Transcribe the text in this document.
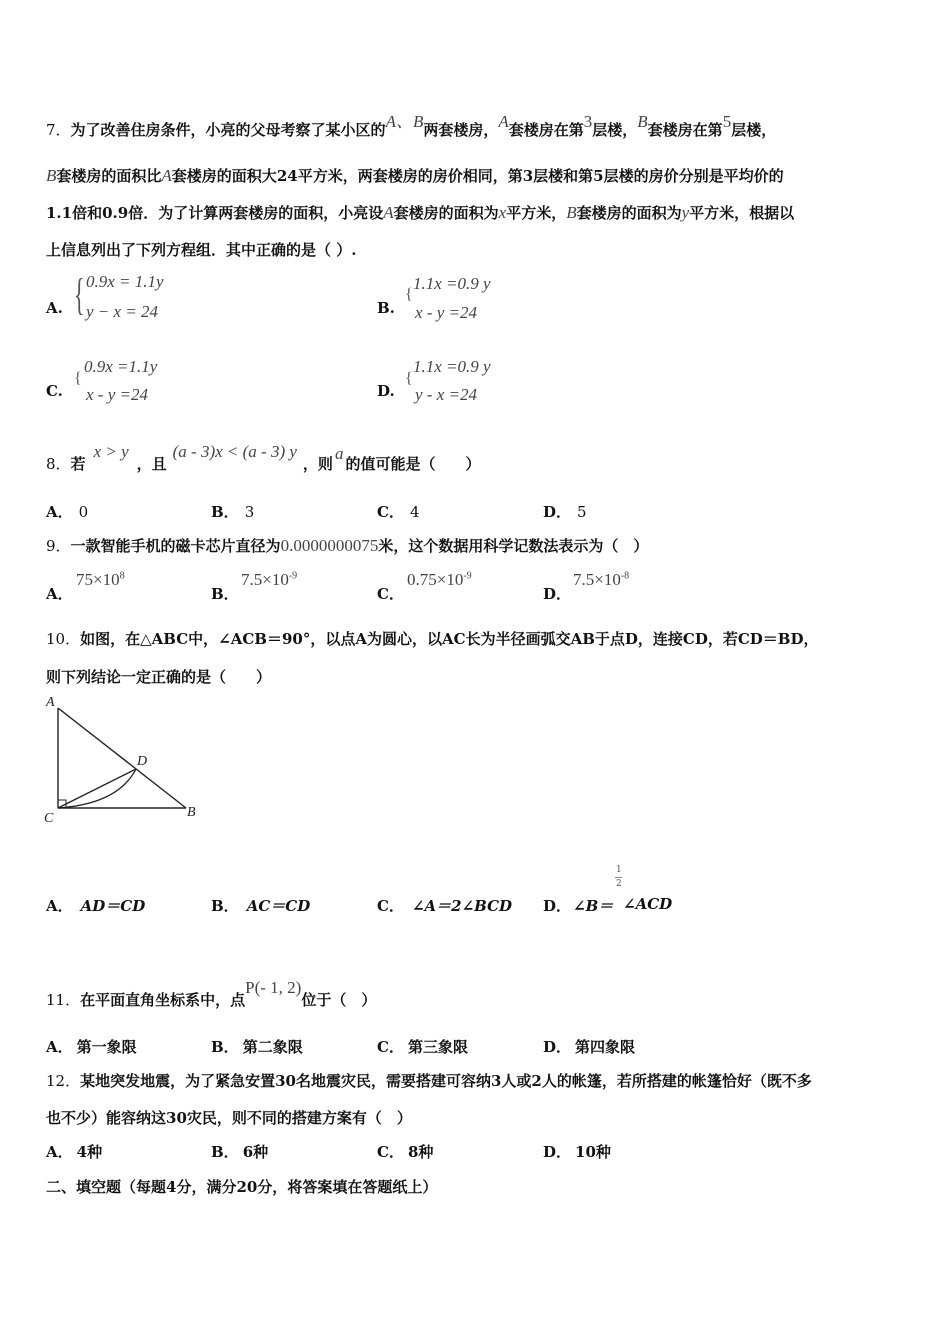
7．为了改善住房条件，小亮的父母考察了某小区的A、B两套楼房，A套楼房在第3层楼，B套楼房在第5层楼，
B套楼房的面积比A套楼房的面积大24平方米，两套楼房的房价相同，第3层楼和第5层楼的房价分别是平均价的
1.1倍和0.9倍．为了计算两套楼房的面积，小亮设A套楼房的面积为x平方米，B套楼房的面积为y平方米，根据以
上信息列出了下列方程组．其中正确的是（ ）.
A. { 0.9x = 1.1y
y − x = 24	B.
{
1.1x =0.9 y
x - y =24
C.
{
0.9x =1.1y
x - y =24	D.
{
1.1x =0.9 y
y - x =24
8．若x > y，且(a - 3)x < (a - 3) y，则a的值可能是（　　）
A． 0	B． 3	C． 4	D． 5
9．一款智能手机的磁卡芯片直径为0.0000000075米，这个数据用科学记数法表示为（　）
A．
$75\times 10^8$
B．
$7.5\times 10^{-9}$
C．
$0.75\times 10^{-9}$
D．
$7.5\times 10^{-8}$
10．如图，在△ABC中，∠ACB＝90°，以点A为圆心，以AC长为半径画弧交AB于点D，连接CD，若CD＝BD，
则下列结论一定正确的是（　　）
A
C	B
D
A． AD＝CD	B． AC＝CD	C． ∠A＝2∠BCD D． ∠B＝
1
2
∠ACD
11．在平面直角坐标系中，点P(- 1, 2)位于（　）
A． 第一象限	B． 第二象限	C． 第三象限	D． 第四象限
12．某地突发地震，为了紧急安置30名地震灾民，需要搭建可容纳3人或2人的帐篷，若所搭建的帐篷恰好（既不多
也不少）能容纳这30灾民，则不同的搭建方案有（　）
A． 4种	B． 6种	C． 8种	D． 10种
二、填空题（每题4分，满分20分，将答案填在答题纸上）
